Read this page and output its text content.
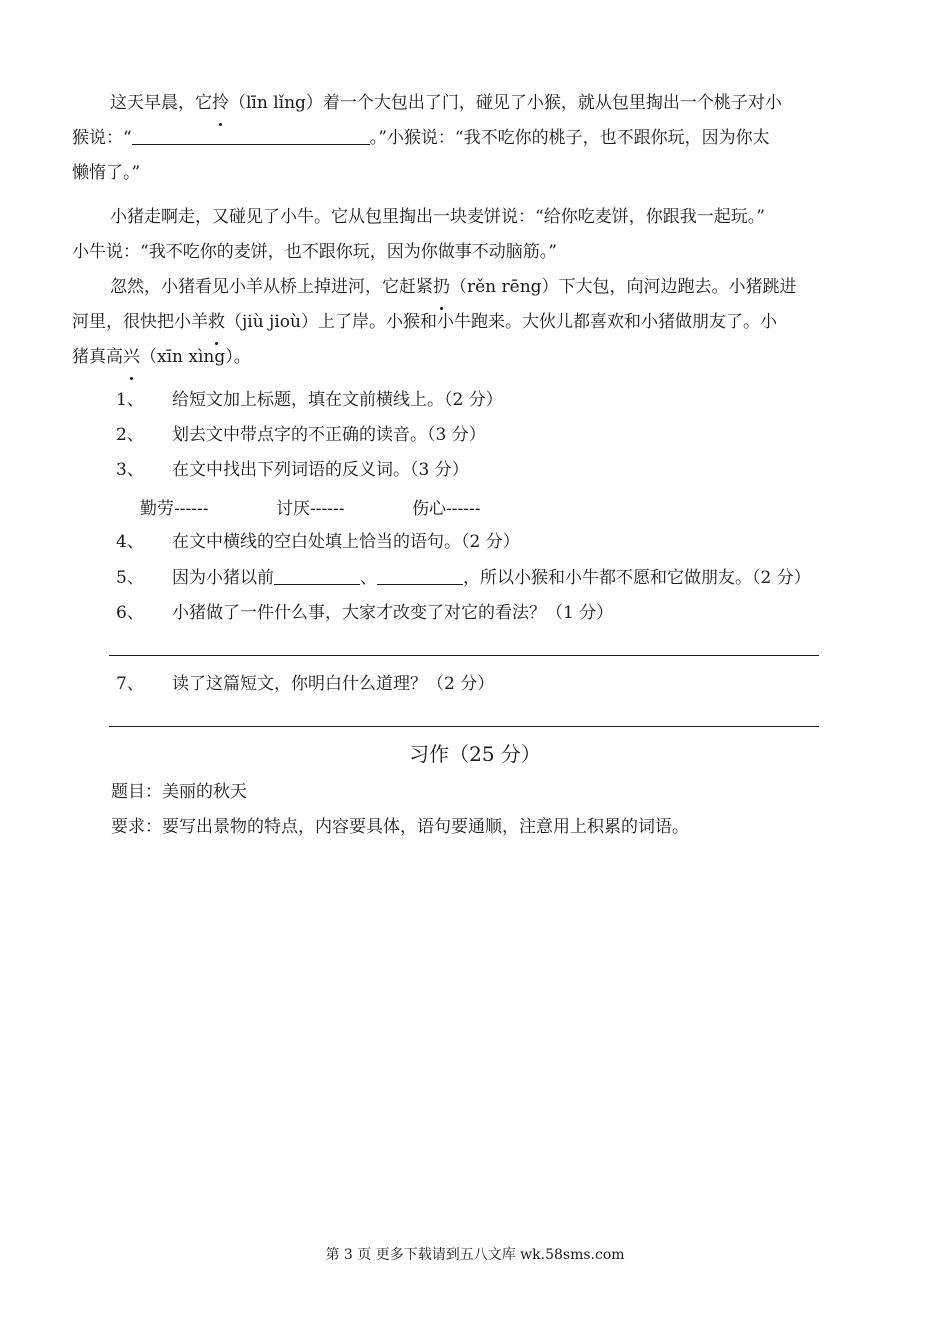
这天早晨，它拎（līn lǐng）着一个大包出了门，碰见了小猴，就从包里掏出一个桃子对小
猴说：“	。”小猴说：“我不吃你的桃子，也不跟你玩，因为你太
懒惰了。”
小猪走啊走，又碰见了小牛。它从包里掏出一块麦饼说：“给你吃麦饼，你跟我一起玩。”
小牛说：“我不吃你的麦饼，也不跟你玩，因为你做事不动脑筋。”
忽然，小猪看见小羊从桥上掉进河，它赶紧扔（rěn rēng）下大包，向河边跑去。小猪跳进
河里，很快把小羊救（jiù jioù）上了岸。小猴和小牛跑来。大伙儿都喜欢和小猪做朋友了。小
猪真高兴（xīn xìng）。
1、 给短文加上标题，填在文前横线上。（2 分）
2、 划去文中带点字的不正确的读音。（3 分）
3、 在文中找出下列词语的反义词。（3 分）
勤劳------	讨厌------	伤心------
4、 在文中横线的空白处填上恰当的语句。（2 分）
5、 因为小猪以前	、	，所以小猴和小牛都不愿和它做朋友。（2 分）
6、 小猪做了一件什么事，大家才改变了对它的看法？（1 分）
7、 读了这篇短文，你明白什么道理？（2 分）
习作（25 分）
题目：美丽的秋天
要求：要写出景物的特点，内容要具体，语句要通顺，注意用上积累的词语。
第 3 页 更多下载请到五八文库 wk.58sms.com
